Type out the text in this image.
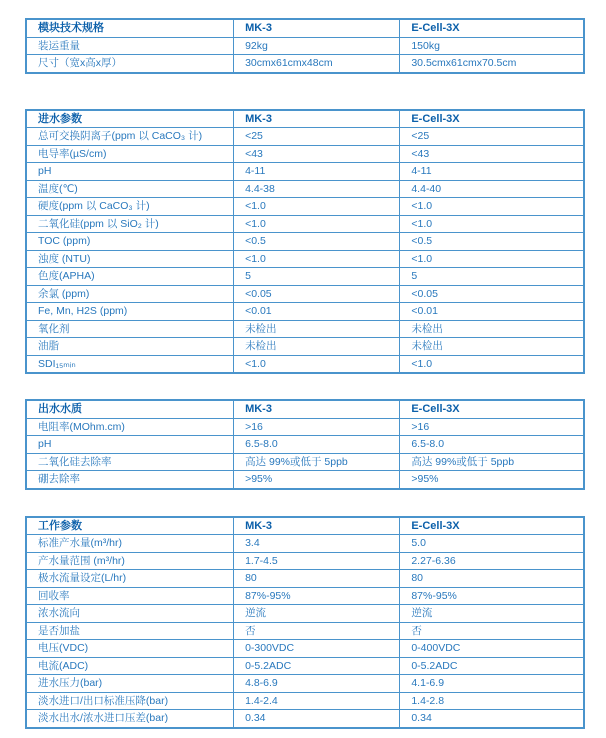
模块技术规格	MK-3	E-Cell-3X
装运重量	92kg	150kg
尺寸（宽x高x厚）	30cmx61cmx48cm	30.5cmx61cmx70.5cm
进水参数	MK-3	E-Cell-3X
总可交换阴离子(ppm 以 CaCO₃ 计)	<25	<25
电导率(µS/cm)	<43	<43
pH	4-11	4-11
温度(℃)	4.4-38	4.4-40
硬度(ppm 以 CaCO₃ 计)	<1.0	<1.0
二氧化硅(ppm 以 SiO₂ 计)	<1.0	<1.0
TOC (ppm)	<0.5	<0.5
浊度 (NTU)	<1.0	<1.0
色度(APHA)	5	5
余氯 (ppm)	<0.05	<0.05
Fe, Mn, H2S (ppm)	<0.01	<0.01
氧化剂	未检出	未检出
油脂	未检出	未检出
SDI₁₅ₘᵢₙ	<1.0	<1.0
出水水质	MK-3	E-Cell-3X
电阻率(MOhm.cm)	>16	>16
pH	6.5-8.0	6.5-8.0
二氧化硅去除率	高达 99%或低于 5ppb	高达 99%或低于 5ppb
硼去除率	>95%	>95%
工作参数	MK-3	E-Cell-3X
标准产水量(m³/hr)	3.4	5.0
产水量范围 (m³/hr)	1.7-4.5	2.27-6.36
极水流量设定(L/hr)	80	80
回收率	87%-95%	87%-95%
浓水流向	逆流	逆流
是否加盐	否	否
电压(VDC)	0-300VDC	0-400VDC
电流(ADC)	0-5.2ADC	0-5.2ADC
进水压力(bar)	4.8-6.9	4.1-6.9
淡水进口/出口标准压降(bar)	1.4-2.4	1.4-2.8
淡水出水/浓水进口压差(bar)	0.34	0.34
